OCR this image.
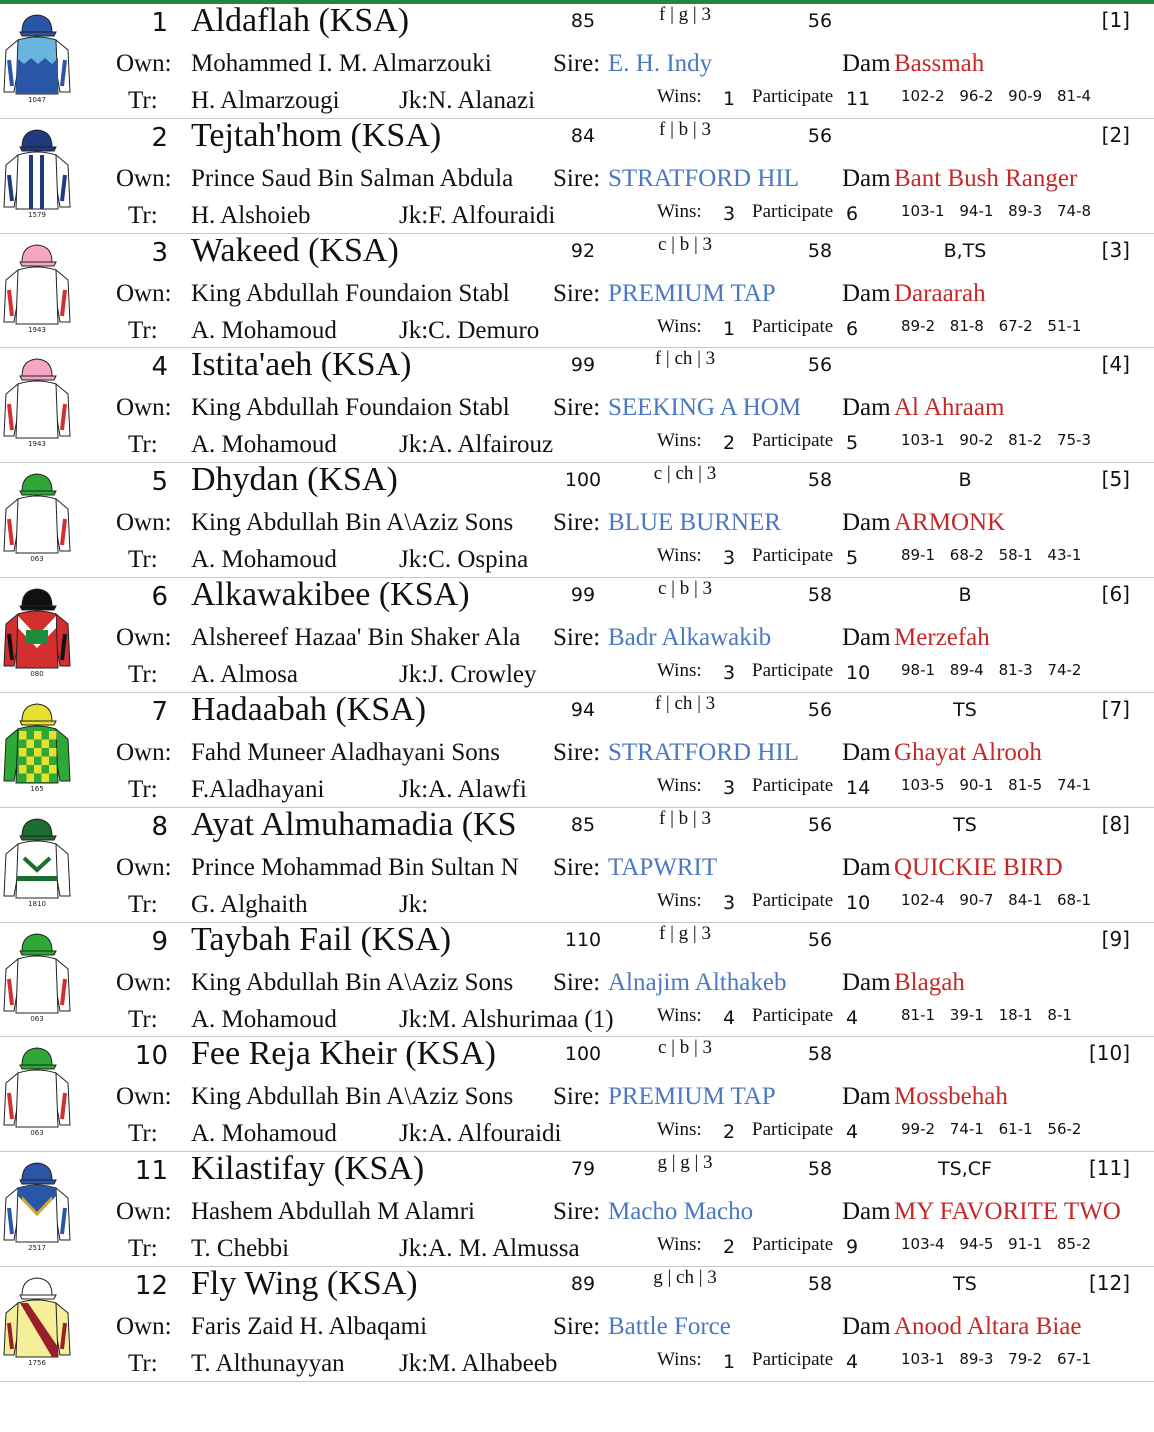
1047
1 Aldaflah (KSA)	85	f | g | 3	56	[1]
Own: Mohammed I. M. Almarzouki	Sire: E. H. Indy	Dam Bassmah
Tr: H. Almarzougi	Jk:N. Alanazi	Wins: 1 Participate 11 102-2 96-2 90-9 81-4
1579
2 Tejtah'hom (KSA)	84	f | b | 3	56	[2]
Own: Prince Saud Bin Salman Abdula	Sire: STRATFORD HIL	Dam Bant Bush Ranger
Tr: H. Alshoieb	Jk:F. Alfouraidi	Wins: 3 Participate 6	103-1 94-1 89-3 74-8
1943
3 Wakeed (KSA)	92	c | b | 3	58	B,TS	[3]
Own: King Abdullah Foundaion Stabl	Sire: PREMIUM TAP	Dam Daraarah
Tr: A. Mohamoud	Jk:C. Demuro	Wins: 1 Participate 6	89-2 81-8 67-2 51-1
1943
4 Istita'aeh (KSA)	99	f | ch | 3	56	[4]
Own: King Abdullah Foundaion Stabl	Sire: SEEKING A HOM	Dam Al Ahraam
Tr: A. Mohamoud	Jk:A. Alfairouz	Wins: 2 Participate 5	103-1 90-2 81-2 75-3
063
5 Dhydan (KSA)	100	c | ch | 3	58	B	[5]
Own: King Abdullah Bin A\Aziz Sons	Sire: BLUE BURNER	Dam ARMONK
Tr: A. Mohamoud	Jk:C. Ospina	Wins: 3 Participate 5	89-1 68-2 58-1 43-1
080
6 Alkawakibee (KSA)	99	c | b | 3	58	B	[6]
Own: Alshereef Hazaa' Bin Shaker Ala	Sire: Badr Alkawakib	Dam Merzefah
Tr: A. Almosa	Jk:J. Crowley	Wins: 3 Participate 10 98-1 89-4 81-3 74-2
165
7 Hadaabah (KSA)	94	f | ch | 3	56	TS	[7]
Own: Fahd Muneer Aladhayani Sons	Sire: STRATFORD HIL	Dam Ghayat Alrooh
Tr: F.Aladhayani	Jk:A. Alawfi	Wins: 3 Participate 14 103-5 90-1 81-5 74-1
1810
8 Ayat Almuhamadia (KS	85	f | b | 3	56	TS	[8]
Own: Prince Mohammad Bin Sultan N	Sire: TAPWRIT	Dam QUICKIE BIRD
Tr: G. Alghaith	Jk:	Wins: 3 Participate 10 102-4 90-7 84-1 68-1
063
9 Taybah Fail (KSA)	110	f | g | 3	56	[9]
Own: King Abdullah Bin A\Aziz Sons	Sire: Alnajim Althakeb	Dam Blagah
Tr: A. Mohamoud	Jk:M. Alshurimaa (1)	Wins: 4 Participate 4	81-1 39-1 18-1 8-1
063
10 Fee Reja Kheir (KSA)	100	c | b | 3	58	[10]
Own: King Abdullah Bin A\Aziz Sons	Sire: PREMIUM TAP	Dam Mossbehah
Tr: A. Mohamoud	Jk:A. Alfouraidi	Wins: 2 Participate 4	99-2 74-1 61-1 56-2
2517
11 Kilastifay (KSA)	79	g | g | 3	58	TS,CF	[11]
Own: Hashem Abdullah M Alamri	Sire: Macho Macho	Dam MY FAVORITE TWO
Tr: T. Chebbi	Jk:A. M. Almussa	Wins: 2 Participate 9	103-4 94-5 91-1 85-2
1756
12 Fly Wing (KSA)	89	g | ch | 3	58	TS	[12]
Own: Faris Zaid H. Albaqami	Sire: Battle Force	Dam Anood Altara Biae
Tr: T. Althunayyan	Jk:M. Alhabeeb	Wins: 1 Participate 4	103-1 89-3 79-2 67-1
